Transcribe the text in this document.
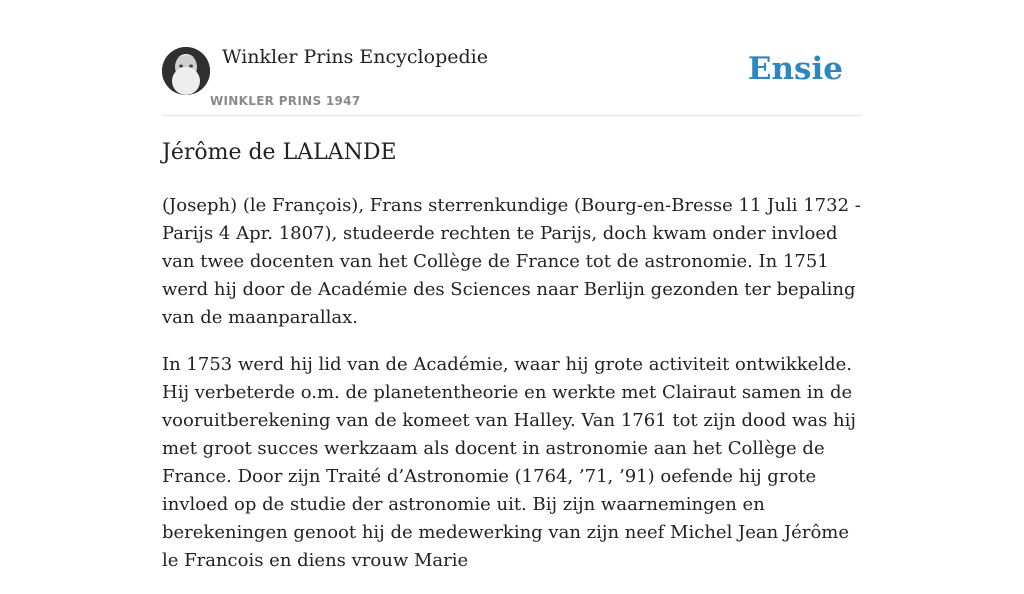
Winkler Prins Encyclopedie
WINKLER PRINS 1947
Ensie
Jérôme de LALANDE

(Joseph) (le François), Frans sterrenkundige (Bourg-en-Bresse 11 Juli 1732 - Parijs 4 Apr. 1807), studeerde rechten te Parijs, doch kwam onder invloed van twee docenten van het Collège de France tot de astronomie. In 1751 werd hij door de Académie des Sciences naar Berlijn gezonden ter bepaling van de maanparallax.

In 1753 werd hij lid van de Académie, waar hij grote activiteit ontwikkelde. Hij verbeterde o.m. de planetentheorie en werkte met Clairaut samen in de vooruitberekening van de komeet van Halley. Van 1761 tot zijn dood was hij met groot succes werkzaam als docent in astronomie aan het Collège de France. Door zijn Traité d’Astronomie (1764, ’71, ’91) oefende hij grote invloed op de studie der astronomie uit. Bij zijn waarnemingen en berekeningen genoot hij de medewerking van zijn neef Michel Jean Jérôme le Francois en diens vrouw Marie
